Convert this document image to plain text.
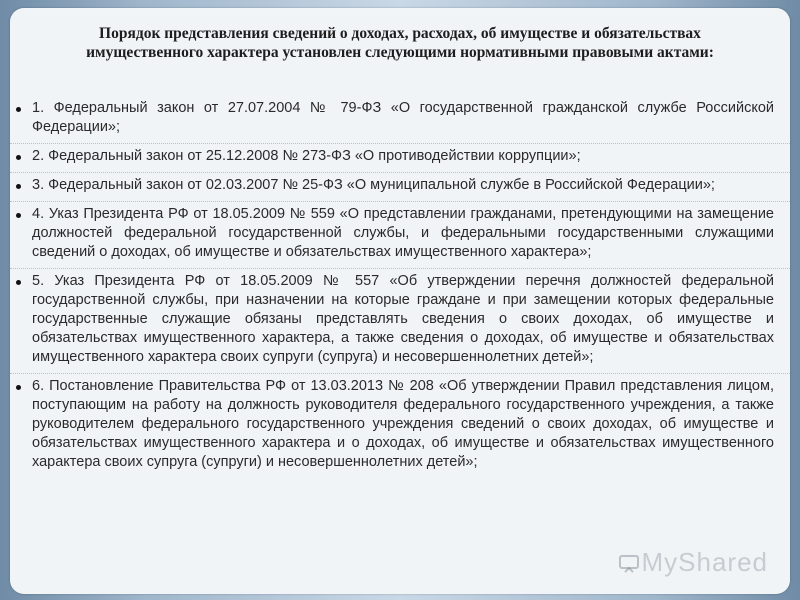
Порядок представления сведений о доходах, расходах, об имуществе и обязательствах
имущественного характера установлен следующими нормативными правовыми актами:

1. Федеральный закон от 27.07.2004 № 79-ФЗ «О государственной гражданской службе Российской Федерации»;

2. Федеральный закон от 25.12.2008 № 273-ФЗ «О противодействии коррупции»;

3. Федеральный закон от 02.03.2007 № 25-ФЗ «О муниципальной службе в Российской Федерации»;

4. Указ Президента РФ от 18.05.2009 № 559 «О представлении гражданами, претендующими на замещение должностей федеральной государственной службы, и федеральными государственными служащими сведений о доходах, об имуществе и обязательствах имущественного характера»;

5. Указ Президента РФ от 18.05.2009 № 557 «Об утверждении перечня должностей федеральной государственной службы, при назначении на которые граждане и при замещении которых федеральные государственные служащие обязаны представлять сведения о своих доходах, об имуществе и обязательствах имущественного характера, а также сведения о доходах, об имуществе и обязательствах имущественного характера своих супруги (супруга) и несовершеннолетних детей»;

6. Постановление Правительства РФ от 13.03.2013 № 208 «Об утверждении Правил представления лицом, поступающим на работу на должность руководителя федерального государственного учреждения, а также руководителем федерального государственного учреждения сведений о своих доходах, об имуществе и обязательствах имущественного характера и о доходах, об имуществе и обязательствах имущественного характера своих супруга (супруги) и несовершеннолетних детей»;

MyShared
